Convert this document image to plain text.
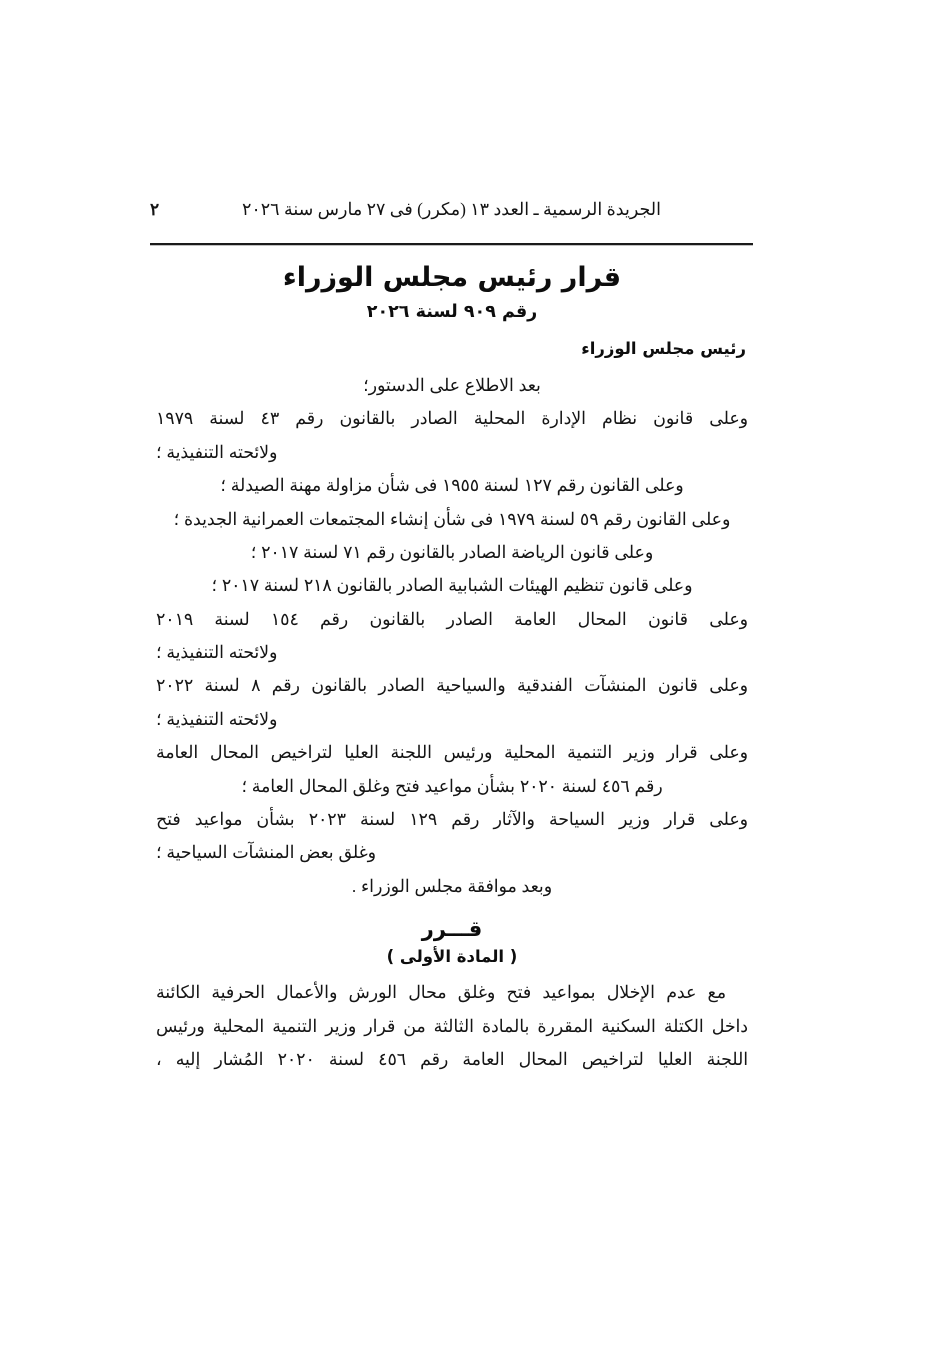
الجريدة الرسمية ـ العدد ١٣ (مكرر) فى ٢٧ مارس سنة ٢٠٢٦
٢
قرار رئيس مجلس الوزراء
رقم ٩٠٩ لسنة ٢٠٢٦
رئيس مجلس الوزراء

بعد الاطلاع على الدستور؛

وعلى قانون نظام الإدارة المحلية الصادر بالقانون رقم ٤٣ لسنة ١٩٧٩

ولائحته التنفيذية ؛

وعلى القانون رقم ١٢٧ لسنة ١٩٥٥ فى شأن مزاولة مهنة الصيدلة ؛

وعلى القانون رقم ٥٩ لسنة ١٩٧٩ فى شأن إنشاء المجتمعات العمرانية الجديدة ؛

وعلى قانون الرياضة الصادر بالقانون رقم ٧١ لسنة ٢٠١٧ ؛

وعلى قانون تنظيم الهيئات الشبابية الصادر بالقانون ٢١٨ لسنة ٢٠١٧ ؛

وعلى قانون المحال العامة الصادر بالقانون رقم ١٥٤ لسنة ٢٠١٩

ولائحته التنفيذية ؛

وعلى قانون المنشآت الفندقية والسياحية الصادر بالقانون رقم ٨ لسنة ٢٠٢٢

ولائحته التنفيذية ؛

وعلى قرار وزير التنمية المحلية ورئيس اللجنة العليا لتراخيص المحال العامة

رقم ٤٥٦ لسنة ٢٠٢٠ بشأن مواعيد فتح وغلق المحال العامة ؛

وعلى قرار وزير السياحة والآثار رقم ١٢٩ لسنة ٢٠٢٣ بشأن مواعيد فتح

وغلق بعض المنشآت السياحية ؛

وبعد موافقة مجلس الوزراء .

قـــرر
( المادة الأولى )

مع عدم الإخلال بمواعيد فتح وغلق محال الورش والأعمال الحرفية الكائنة

داخل الكتلة السكنية المقررة بالمادة الثالثة من قرار وزير التنمية المحلية ورئيس

اللجنة العليا لتراخيص المحال العامة رقم ٤٥٦ لسنة ٢٠٢٠ المُشار إليه ،
